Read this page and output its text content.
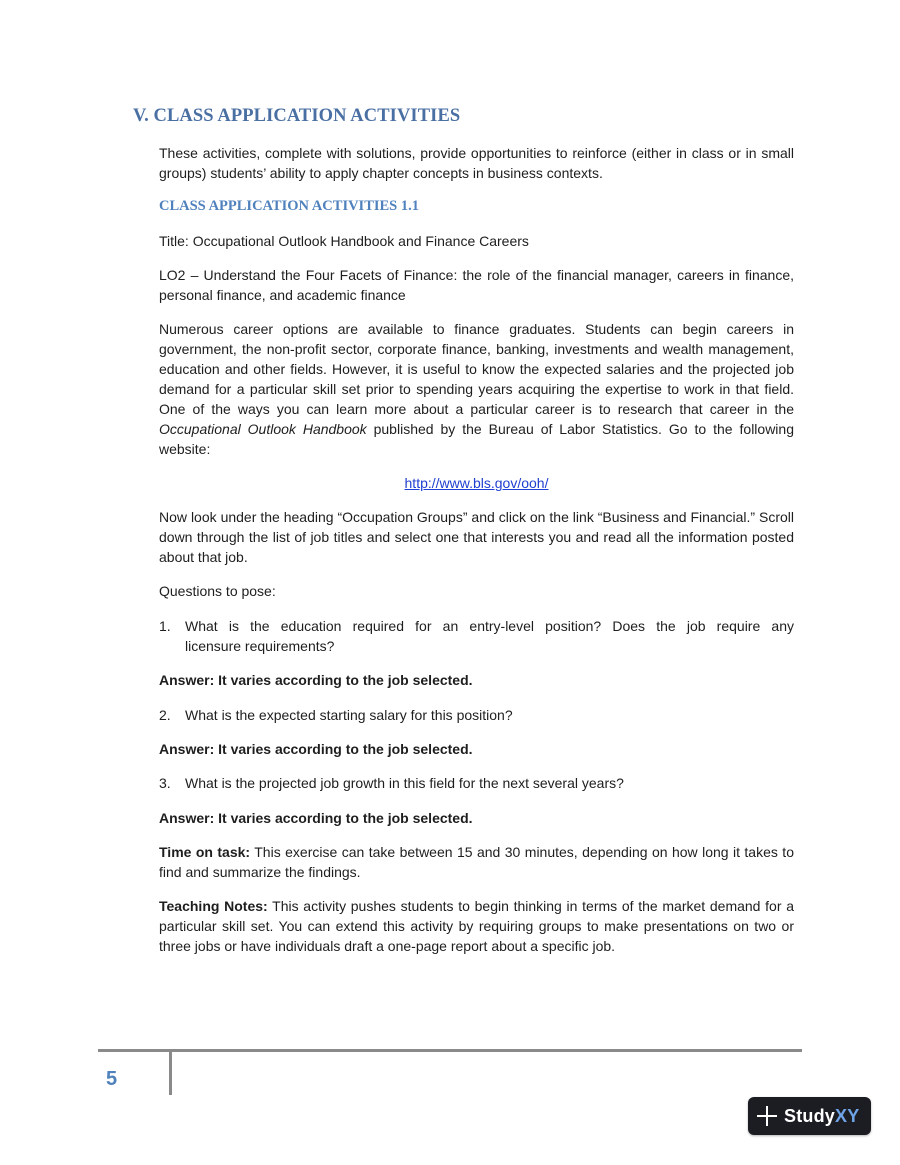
V. CLASS APPLICATION ACTIVITIES
These activities, complete with solutions, provide opportunities to reinforce (either in class or in small groups) students’ ability to apply chapter concepts in business contexts.
CLASS APPLICATION ACTIVITIES 1.1
Title: Occupational Outlook Handbook and Finance Careers
LO2 – Understand the Four Facets of Finance: the role of the financial manager, careers in finance, personal finance, and academic finance
Numerous career options are available to finance graduates. Students can begin careers in government, the non-profit sector, corporate finance, banking, investments and wealth management, education and other fields. However, it is useful to know the expected salaries and the projected job demand for a particular skill set prior to spending years acquiring the expertise to work in that field. One of the ways you can learn more about a particular career is to research that career in the Occupational Outlook Handbook published by the Bureau of Labor Statistics. Go to the following website:
http://www.bls.gov/ooh/
Now look under the heading “Occupation Groups” and click on the link “Business and Financial.” Scroll down through the list of job titles and select one that interests you and read all the information posted about that job.
Questions to pose:
1. What is the education required for an entry-level position? Does the job require any
licensure requirements?
Answer: It varies according to the job selected.
2. What is the expected starting salary for this position?
Answer: It varies according to the job selected.
3. What is the projected job growth in this field for the next several years?
Answer: It varies according to the job selected.
Time on task: This exercise can take between 15 and 30 minutes, depending on how long it takes to find and summarize the findings.
Teaching Notes: This activity pushes students to begin thinking in terms of the market demand for a particular skill set. You can extend this activity by requiring groups to make presentations on two or three jobs or have individuals draft a one-page report about a specific job.
5
StudyXY
